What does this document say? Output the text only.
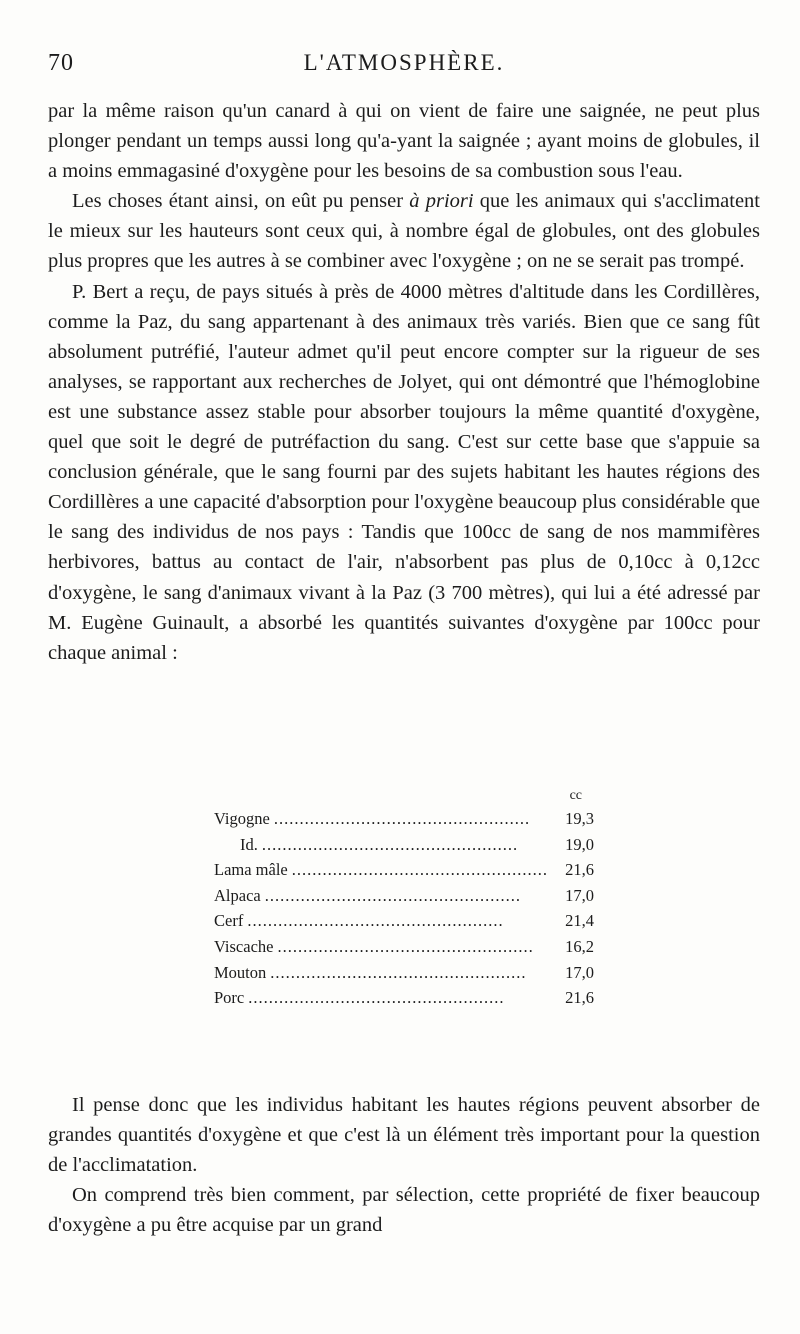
70	L'ATMOSPHÈRE.

par la même raison qu'un canard à qui on vient de faire une saignée, ne peut plus plonger pendant un temps aussi long qu'a-yant la saignée ; ayant moins de globules, il a moins emmagasiné d'oxygène pour les besoins de sa combustion sous l'eau.

Les choses étant ainsi, on eût pu penser à priori que les animaux qui s'acclimatent le mieux sur les hauteurs sont ceux qui, à nombre égal de globules, ont des globules plus propres que les autres à se combiner avec l'oxygène ; on ne se serait pas trompé.

P. Bert a reçu, de pays situés à près de 4000 mètres d'altitude dans les Cordillères, comme la Paz, du sang appartenant à des animaux très variés. Bien que ce sang fût absolument putréfié, l'auteur admet qu'il peut encore compter sur la rigueur de ses analyses, se rapportant aux recherches de Jolyet, qui ont démontré que l'hémoglobine est une substance assez stable pour absorber toujours la même quantité d'oxygène, quel que soit le degré de putréfaction du sang. C'est sur cette base que s'appuie sa conclusion générale, que le sang fourni par des sujets habitant les hautes régions des Cordillères a une capacité d'absorption pour l'oxygène beaucoup plus considérable que le sang des individus de nos pays : Tandis que 100cc de sang de nos mammifères herbivores, battus au contact de l'air, n'absorbent pas plus de 0,10cc à 0,12cc d'oxygène, le sang d'animaux vivant à la Paz (3 700 mètres), qui lui a été adressé par M. Eugène Guinault, a absorbé les quantités suivantes d'oxygène par 100cc pour chaque animal :

cc
Vigogne ..................................................	19,3
Id. ..................................................	19,0
Lama mâle ..................................................	21,6
Alpaca ..................................................	17,0
Cerf ..................................................	21,4
Viscache ..................................................	16,2
Mouton ..................................................	17,0
Porc ..................................................	21,6

Il pense donc que les individus habitant les hautes régions peuvent absorber de grandes quantités d'oxygène et que c'est là un élément très important pour la question de l'acclimatation.

On comprend très bien comment, par sélection, cette propriété de fixer beaucoup d'oxygène a pu être acquise par un grand
